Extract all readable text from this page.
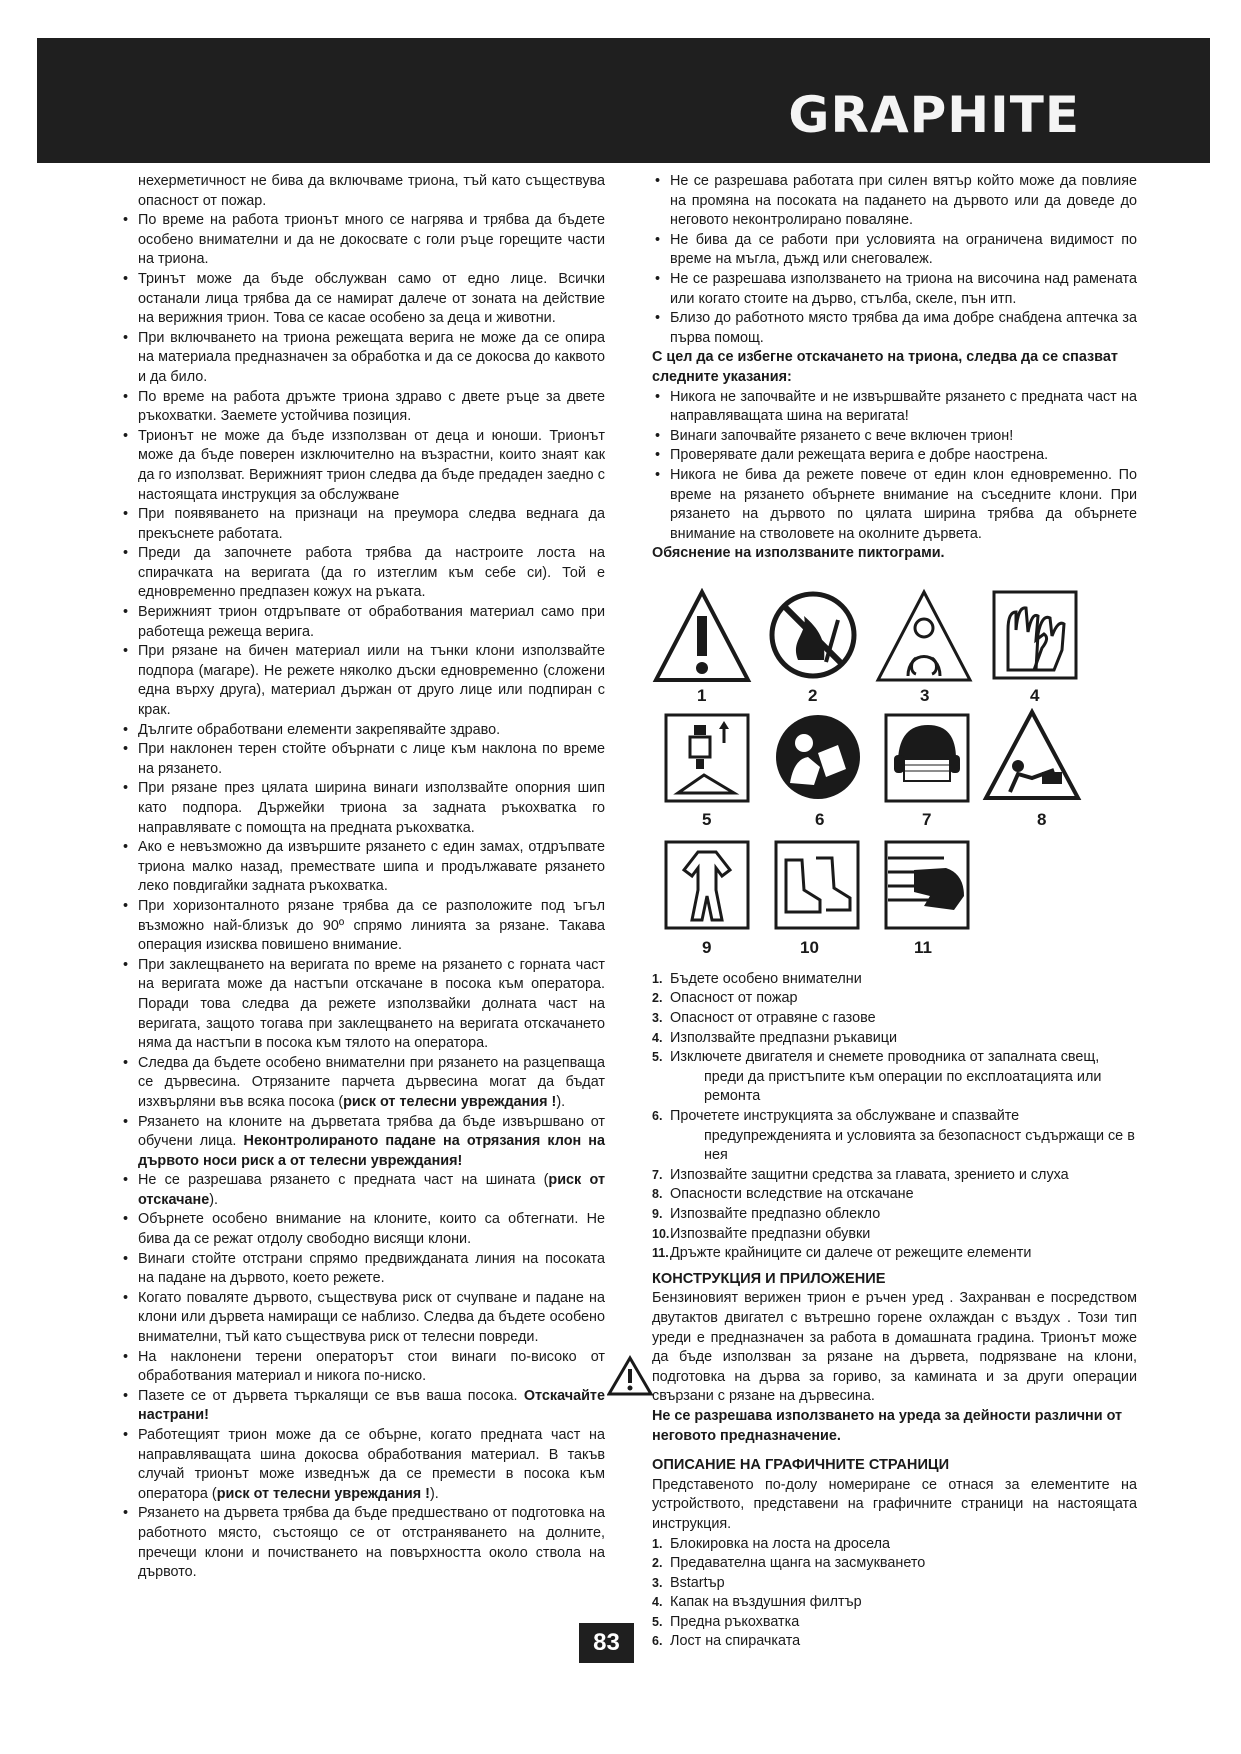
GRAPHITE
нехерметичност не бива да включваме триона, тъй като съществува опасност от пожар.
• По време на работа трионът много се нагрява и трябва да бъдете особено внимателни и да не докосвате с голи ръце горещите части на триона.
• Тринът може да бъде обслужван само от едно лице. Всички останали лица трябва да се намират далече от зоната на действие на верижния трион. Това се касае особено за деца и животни.
• При включването на триона режещата верига не може да се опира на материала предназначен за обработка и да се докосва до каквото и да било.
• По време на работа дръжте триона здраво с двете ръце за двете ръкохватки. Заемете устойчива позиция.
• Трионът не може да бъде иззползван от деца и юноши. Трионът може да бъде поверен изключително на възрастни, които знаят как да го използват. Верижният трион следва да бъде предаден заедно с настоящата инструкция за обслужване
• При появяването на признаци на преумора следва веднага да прекъснете работата.
• Преди да започнете работа трябва да настроите лоста на спирачката на веригата (да го изтеглим към себе си). Той е едновременно предпазен кожух на ръката.
• Верижният трион отдръпвате от обработвания материал само при работеща режеща верига.
• При рязане на бичен материал иили на тънки клони използвайте подпора (магаре). Не режете няколко дъски едновременно (сложени една върху друга), материал държан от друго лице или подпиран с крак.
• Дългите обработвани елементи закрепявайте здраво.
• При наклонен терен стойте обърнати с лице към наклона по време на рязането.
• При рязане през цялата ширина винаги използвайте опорния шип като подпора. Държейки триона за задната ръкохватка го направлявате с помощта на предната ръкохватка.
• Ако е невъзможно да извършите рязането с един замах, отдръпвате триона малко назад, премествате шипа и продължавате рязането леко повдигайки задната ръкохватка.
• При хоризонталното рязане трябва да се разположите под ъгъл възможно най-близък до 90º спрямо линията за рязане. Такава операция изисква повишено внимание.
• При заклещването на веригата по време на рязането с горната част на веригата може да настъпи отскачане в посока към оператора. Поради това следва да режете използвайки долната част на веригата, защото тогава при заклещването на веригата отскачането няма да настъпи в посока към тялото на оператора.
• Следва да бъдете особено внимателни при рязането на разцепваща се дървесина. Отрязаните парчета дървесина могат да бъдат изхвърляни във всяка посока (риск от телесни увреждания !).
• Рязането на клоните на дърветата трябва да бъде извършвано от обучени лица. Неконтролираното падане на отрязания клон на дървото носи риск а от телесни увреждания!
• Не се разрешава рязането с предната част на шината (риск от отскачане).
• Обърнете особено внимание на клоните, които са обтегнати. Не бива да се режат отдолу свободно висящи клони.
• Винаги стойте отстрани спрямо предвижданата линия на посоката на падане на дървото, което режете.
• Когато поваляте дървото, съществува риск от счупване и падане на клони или дървета намиращи се наблизо. Следва да бъдете особено внимателни, тъй като съществува риск от телесни повреди.
• На наклонени терени операторът стои винаги по-високо от обработвания материал и никога по-ниско.
• Пазете се от дървета търкалящи се във ваша посока. Отскачайте настрани!
• Работещият трион може да се обърне, когато предната част на направляващата шина докосва обработвания материал. В такъв случай трионът може изведнъж да се премести в посока към оператора (риск от телесни увреждания !).
• Рязането на дървета трябва да бъде предшествано от подготовка на работното място, състоящо се от отстраняването на долните, пречещи клони и почистването на повърхността около ствола на дървото.
• Не се разрешава работата при силен вятър който може да повлияе на промяна на посоката на падането на дървото или да доведе до неговото неконтролирано поваляне.
• Не бива да се работи при условията на ограничена видимост по време на мъгла, дъжд или снеговалеж.
• Не се разрешава използването на триона на височина над рамената или когато стоите на дърво, стълба, скеле, пън итп.
• Близо до работното място трябва да има добре снабдена аптечка за първа помощ.
С цел да се избегне отскачането на триона, следва да се спазват следните указания:
• Никога не започвайте и не извършвайте рязането с предната част на направляващата шина на веригата!
• Винаги започвайте рязането с вече включен трион!
• Проверявате дали режещата верига е добре наострена.
• Никога не бива да режете повече от един клон едновременно. По време на рязането обърнете внимание на съседните клони. При рязането на дървото по цялата ширина трябва да обърнете внимание на стволовете на околните дървета.
Обяснение на използваните пиктограми.
1	2	3	4
5	6	7	8
9	10	11
1. Бъдете особено внимателни
2. Опасност от пожар
3. Опасност от отравяне с газове
4. Използвайте предпазни ръкавици
5. Изключете двигателя и снемете проводника от запалната свещ,
преди да пристъпите към операции по експлоатацията или ремонта
6. Прочетете инструкцията за обслужване и спазвайте
предупрежденията и условията за безопасност съдържащи се в нея
7. Изпозвайте защитни средства за главата, зрението и слуха
8. Опасности вследствие на отскачане
9. Изпозвайте предпазно облекло
10. Изпозвайте предпазни обувки
11. Дръжте крайниците си далече от режещите елементи
КОНСТРУКЦИЯ И ПРИЛОЖЕНИЕ
Бензиновият верижен трион е ръчен уред . Захранван е посредством двутактов двигател с вътрешно горене охлаждан с въздух . Този тип уреди е предназначен за работа в домашната градина. Трионът може да бъде използван за рязане на дървета, подрязване на клони, подготовка на дърва за гориво, за камината и за други операции свързани с рязане на дървесина.
Не се разрешава използването на уреда за дейности различни от неговото предназначение.
ОПИСАНИЕ НА ГРАФИЧНИТЕ СТРАНИЦИ
Представеното по-долу номериране се отнася за елементите на устройството, представени на графичните страници на настоящата инструкция.
1. Блокировка на лоста на дросела
2. Предавателна щанга на засмукването
3. Вstartър
4. Капак на въздушния филтър
5. Предна ръкохватка
6. Лост на спирачката
83
